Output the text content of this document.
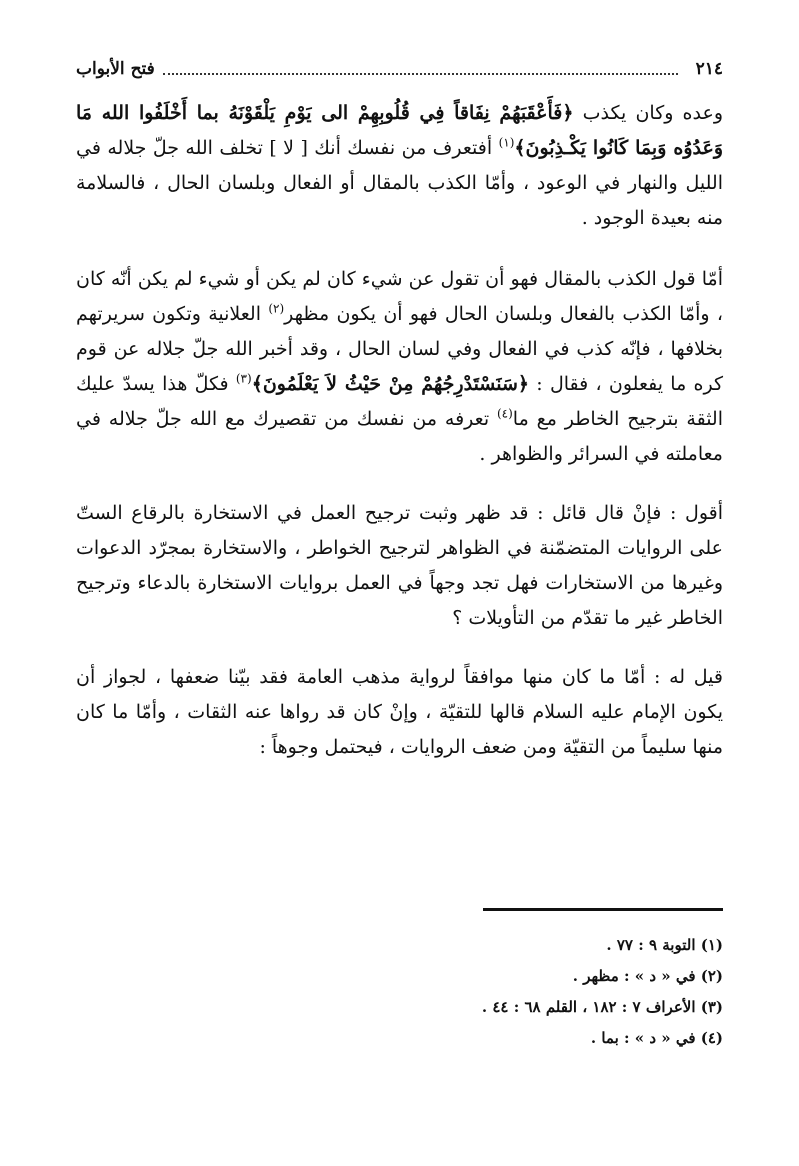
٢١٤
فتح الأبواب

وعده وكان يكذب ﴿فَأَعْقَبَهُمْ نِفَاقاً فِي قُلُوبِهِمْ الى يَوْمِ يَلْقَوْنَهُ بما أَخْلَفُوا الله مَا وَعَدُوُه وَبِمَا كَانُوا يَكْـذِبُونَ﴾$^{(١)}$ أفتعرف من نفسك أنك [ لا ] تخلف الله جلّ جلاله في الليل والنهار في الوعود ، وأمّا الكذب بالمقال أو الفعال وبلسان الحال ، فالسلامة منه بعيدة الوجود .

أمّا قول الكذب بالمقال فهو أن تقول عن شيء كان لم يكن أو شيء لم يكن أنّه كان ، وأمّا الكذب بالفعال وبلسان الحال فهو أن يكون مظهر$^{(٢)}$ العلانية وتكون سريرتهم بخلافها ، فإنّه كذب في الفعال وفي لسان الحال ، وقد أخبر الله جلّ جلاله عن قوم كره ما يفعلون ، فقال : ﴿سَنَسْتَدْرِجُهُمْ مِنْ حَيْثُ لاَ يَعْلَمُونَ﴾$^{(٣)}$ فكلّ هذا يسدّ عليك الثقة بترجيح الخاطر مع ما$^{(٤)}$ تعرفه من نفسك من تقصيرك مع الله جلّ جلاله في معاملته في السرائر والظواهر .

أقول : فإنْ قال قائل : قد ظهر وثبت ترجيح العمل في الاستخارة بالرقاع الستّ على الروايات المتضمّنة في الظواهر لترجيح الخواطر ، والاستخارة بمجرّد الدعوات وغيرها من الاستخارات فهل تجد وجهاً في العمل بروايات الاستخارة بالدعاء وترجيح الخاطر غير ما تقدّم من التأويلات ؟

قيل له : أمّا ما كان منها موافقاً لرواية مذهب العامة فقد بيّنا ضعفها ، لجواز أن يكون الإمام عليه السلام قالها للتقيّة ، وإنْ كان قد رواها عنه الثقات ، وأمّا ما كان منها سليماً من التقيّة ومن ضعف الروايات ، فيحتمل وجوهاً :

(١) التوبة ٩ : ٧٧ .
(٢) في « د » : مظهر .
(٣) الأعراف ٧ : ١٨٢ ، القلم ٦٨ : ٤٤ .
(٤) في « د » : بما .
